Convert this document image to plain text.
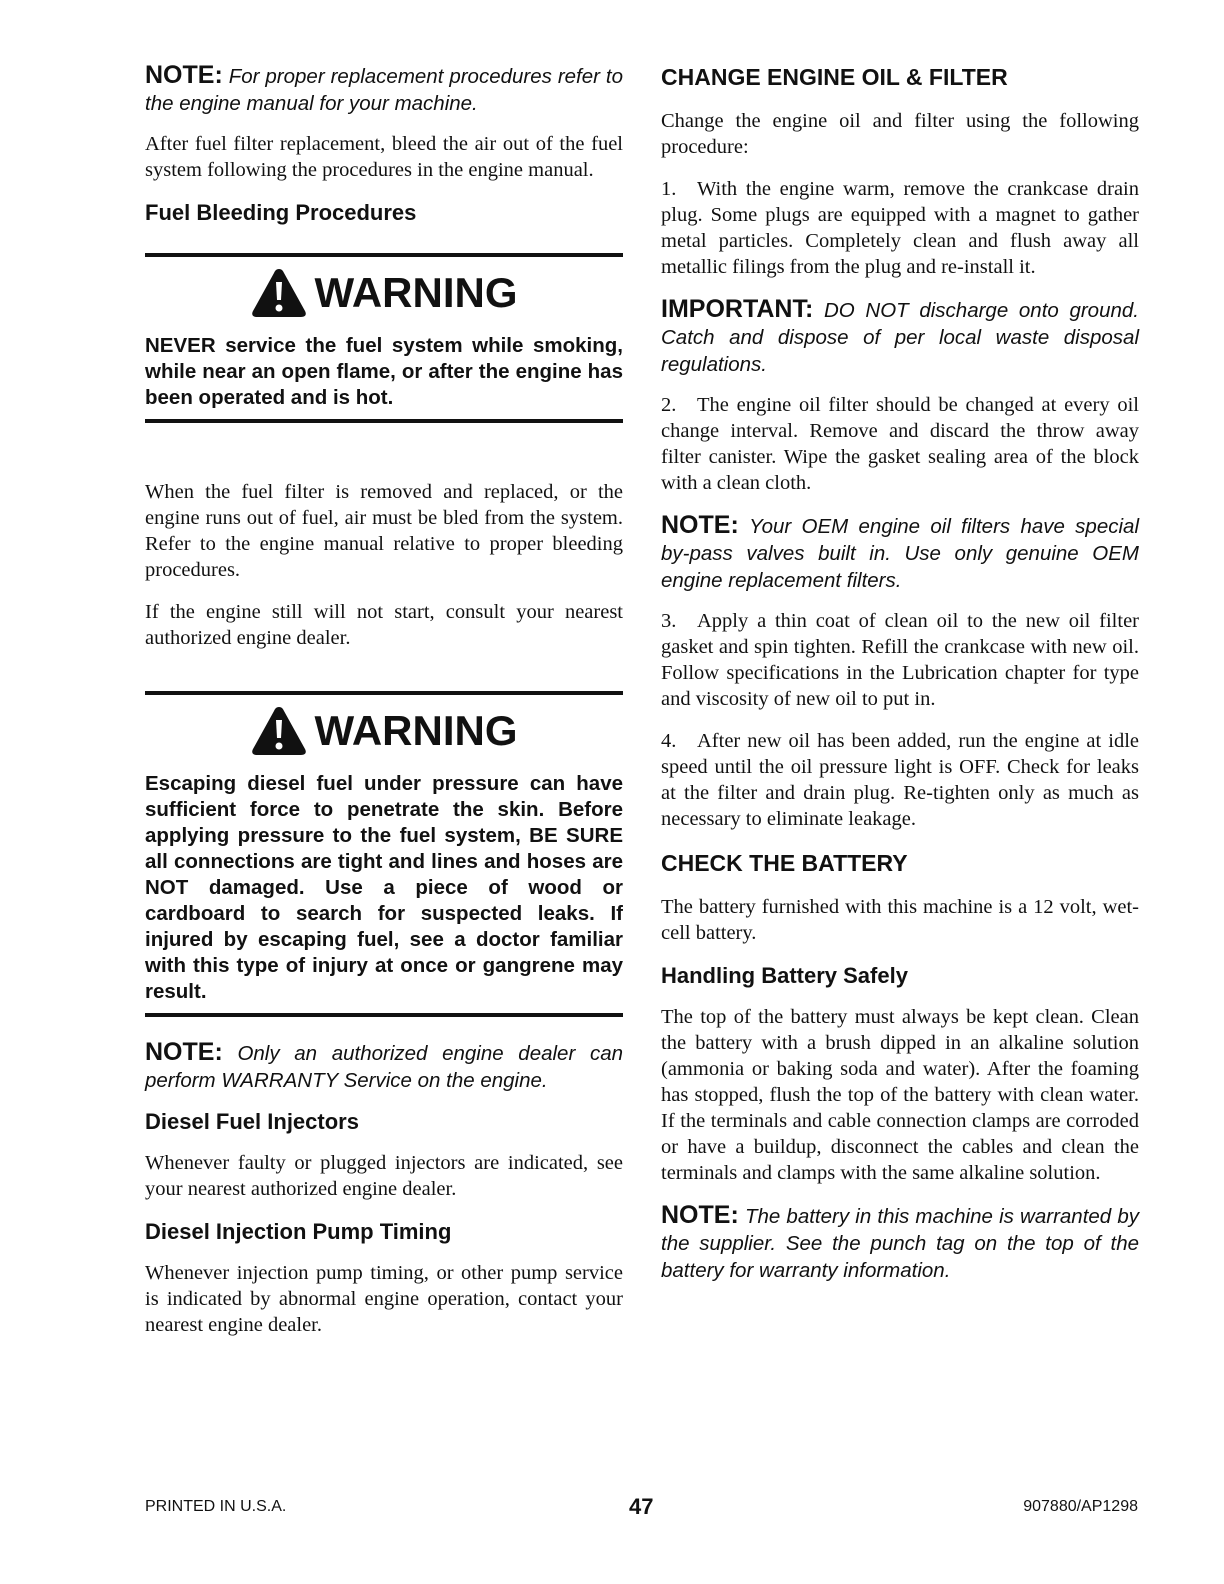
NOTE: For proper replacement procedures refer to the engine manual for your machine.

After fuel filter replacement, bleed the air out of the fuel system following the procedures in the engine manual.

Fuel Bleeding Procedures
WARNING

NEVER service the fuel system while smoking, while near an open flame, or after the engine has been operated and is hot.

When the fuel filter is removed and replaced, or the engine runs out of fuel, air must be bled from the system. Refer to the engine manual relative to proper bleeding procedures.

If the engine still will not start, consult your nearest authorized engine dealer.

WARNING

Escaping diesel fuel under pressure can have sufficient force to penetrate the skin. Before applying pressure to the fuel system, BE SURE all connections are tight and lines and hoses are NOT damaged. Use a piece of wood or cardboard to search for suspected leaks. If injured by escaping fuel, see a doctor familiar with this type of injury at once or gangrene may result.

NOTE: Only an authorized engine dealer can perform WARRANTY Service on the engine.

Diesel Fuel Injectors

Whenever faulty or plugged injectors are indicated, see your nearest authorized engine dealer.

Diesel Injection Pump Timing

Whenever injection pump timing, or other pump service is indicated by abnormal engine operation, contact your nearest engine dealer.

CHANGE ENGINE OIL & FILTER

Change the engine oil and filter using the following procedure:

1. With the engine warm, remove the crankcase drain plug. Some plugs are equipped with a magnet to gather metal particles. Completely clean and flush away all metallic filings from the plug and re-install it.

IMPORTANT: DO NOT discharge onto ground. Catch and dispose of per local waste disposal regulations.

2. The engine oil filter should be changed at every oil change interval. Remove and discard the throw away filter canister. Wipe the gasket sealing area of the block with a clean cloth.

NOTE: Your OEM engine oil filters have special by-pass valves built in. Use only genuine OEM engine replacement filters.

3. Apply a thin coat of clean oil to the new oil filter gasket and spin tighten. Refill the crankcase with new oil. Follow specifications in the Lubrication chapter for type and viscosity of new oil to put in.

4. After new oil has been added, run the engine at idle speed until the oil pressure light is OFF. Check for leaks at the filter and drain plug. Re-tighten only as much as necessary to eliminate leakage.

CHECK THE BATTERY

The battery furnished with this machine is a 12 volt, wet-cell battery.

Handling Battery Safely

The top of the battery must always be kept clean. Clean the battery with a brush dipped in an alkaline solution (ammonia or baking soda and water). After the foaming has stopped, flush the top of the battery with clean water. If the terminals and cable connection clamps are corroded or have a buildup, disconnect the cables and clean the terminals and clamps with the same alkaline solution.

NOTE: The battery in this machine is warranted by the supplier. See the punch tag on the top of the battery for warranty information.

PRINTED IN U.S.A.	47	907880/AP1298
